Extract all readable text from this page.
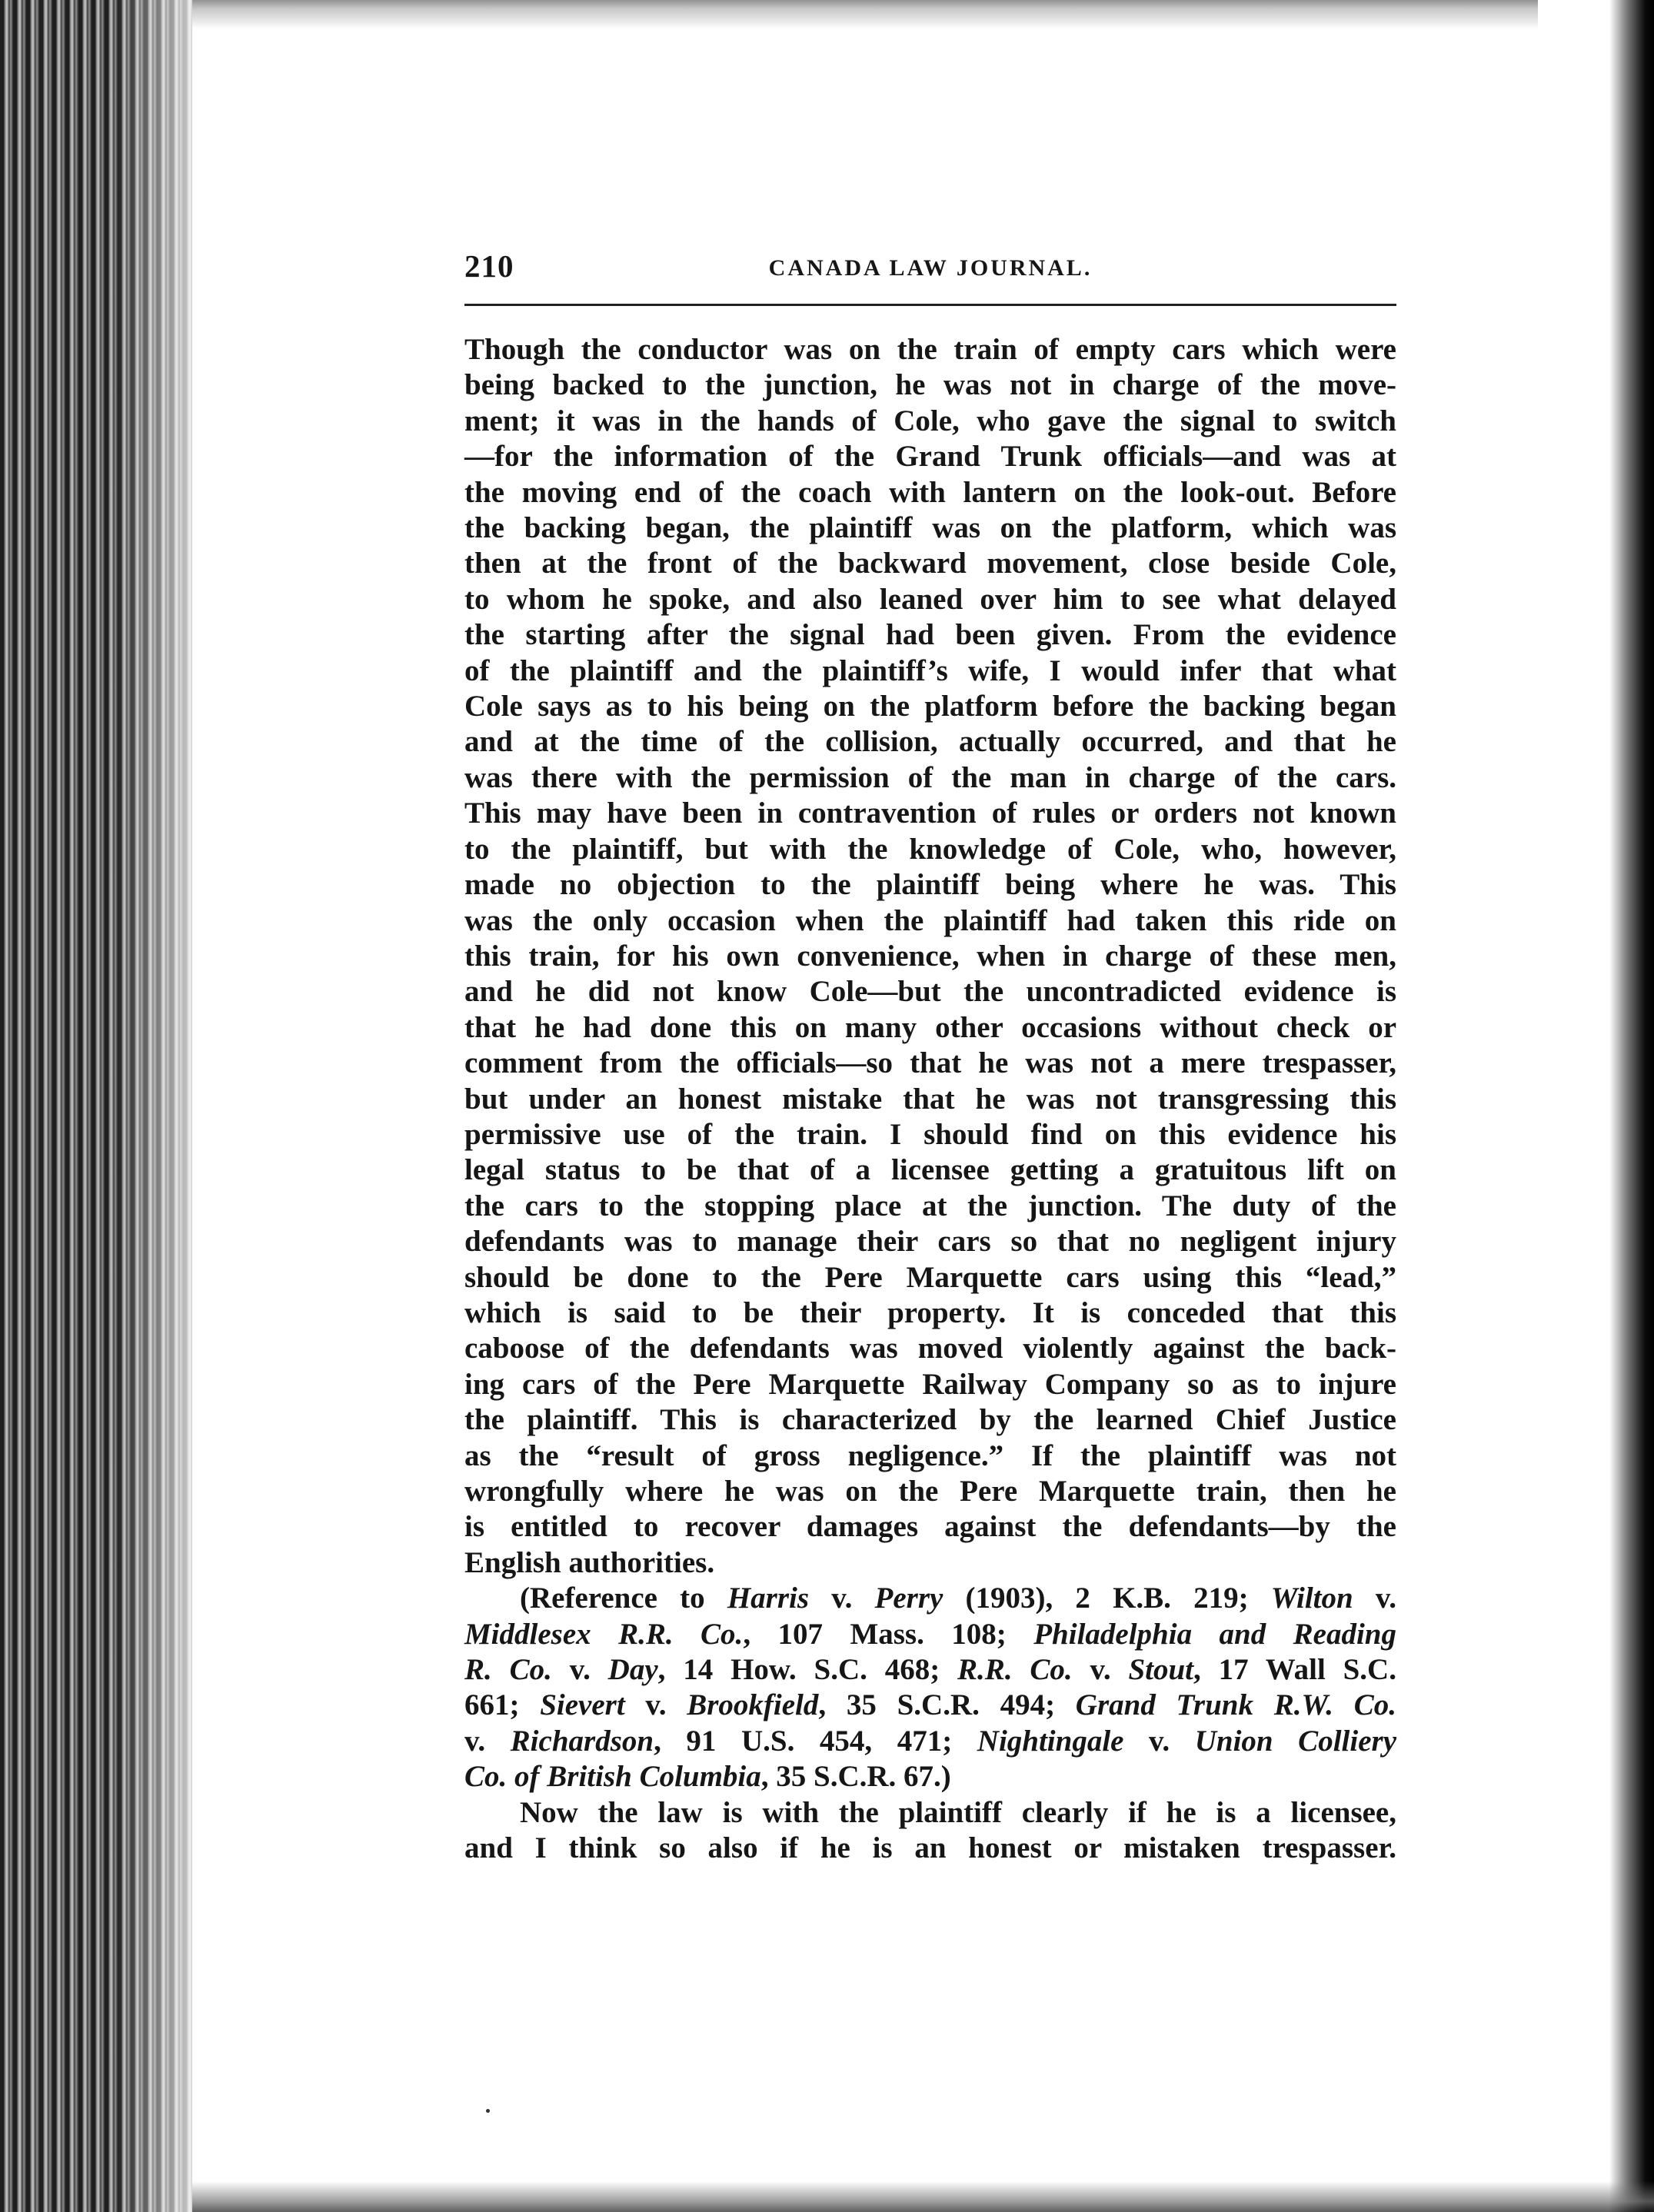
210	CANADA LAW JOURNAL.

Though the conductor was on the train of empty cars which were
being backed to the junction, he was not in charge of the move-
ment; it was in the hands of Cole, who gave the signal to switch
—for the information of the Grand Trunk officials—and was at
the moving end of the coach with lantern on the look-out. Before
the backing began, the plaintiff was on the platform, which was
then at the front of the backward movement, close beside Cole,
to whom he spoke, and also leaned over him to see what delayed
the starting after the signal had been given. From the evidence
of the plaintiff and the plaintiff’s wife, I would infer that what
Cole says as to his being on the platform before the backing began
and at the time of the collision, actually occurred, and that he
was there with the permission of the man in charge of the cars.
This may have been in contravention of rules or orders not known
to the plaintiff, but with the knowledge of Cole, who, however,
made no objection to the plaintiff being where he was. This
was the only occasion when the plaintiff had taken this ride on
this train, for his own convenience, when in charge of these men,
and he did not know Cole—but the uncontradicted evidence is
that he had done this on many other occasions without check or
comment from the officials—so that he was not a mere trespasser,
but under an honest mistake that he was not transgressing this
permissive use of the train. I should find on this evidence his
legal status to be that of a licensee getting a gratuitous lift on
the cars to the stopping place at the junction. The duty of the
defendants was to manage their cars so that no negligent injury
should be done to the Pere Marquette cars using this “lead,”
which is said to be their property. It is conceded that this
caboose of the defendants was moved violently against the back-
ing cars of the Pere Marquette Railway Company so as to injure
the plaintiff. This is characterized by the learned Chief Justice
as the “result of gross negligence.” If the plaintiff was not
wrongfully where he was on the Pere Marquette train, then he
is entitled to recover damages against the defendants—by the
English authorities.

(Reference to Harris v. Perry (1903), 2 K.B. 219; Wilton v.
Middlesex R.R. Co., 107 Mass. 108; Philadelphia and Reading
R. Co. v. Day, 14 How. S.C. 468; R.R. Co. v. Stout, 17 Wall S.C.
661; Sievert v. Brookfield, 35 S.C.R. 494; Grand Trunk R.W. Co.
v. Richardson, 91 U.S. 454, 471; Nightingale v. Union Colliery
Co. of British Columbia, 35 S.C.R. 67.)

Now the law is with the plaintiff clearly if he is a licensee,
and I think so also if he is an honest or mistaken trespasser.
